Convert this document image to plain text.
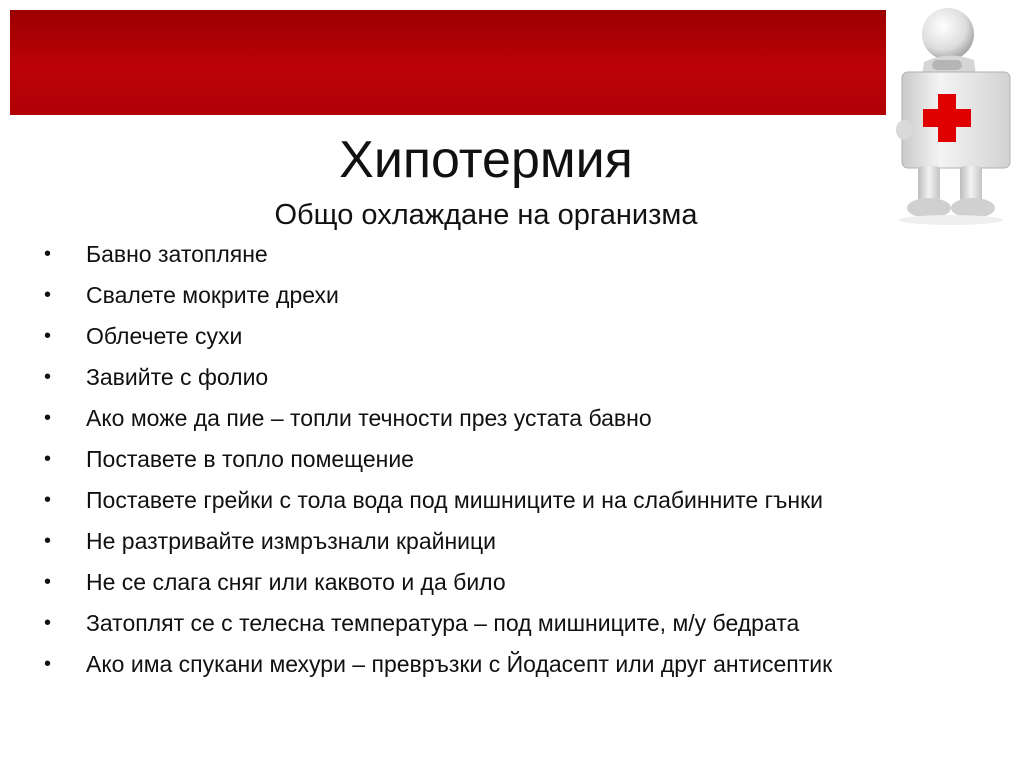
Хипотермия
Общо охлаждане на организма
• Бавно затопляне
• Свалете мокрите дрехи
• Облечете сухи
• Завийте с фолио
• Ако може да пие – топли течности през устата бавно
• Поставете в топло помещение
• Поставете грейки с тола вода под мишниците и на слабинните гънки
• Не разтривайте измръзнали крайници
• Не се слага сняг или каквото и да било
• Затоплят се с телесна температура – под мишниците, м/у бедрата
• Ако има спукани мехури – превръзки с Йодасепт или друг антисептик
